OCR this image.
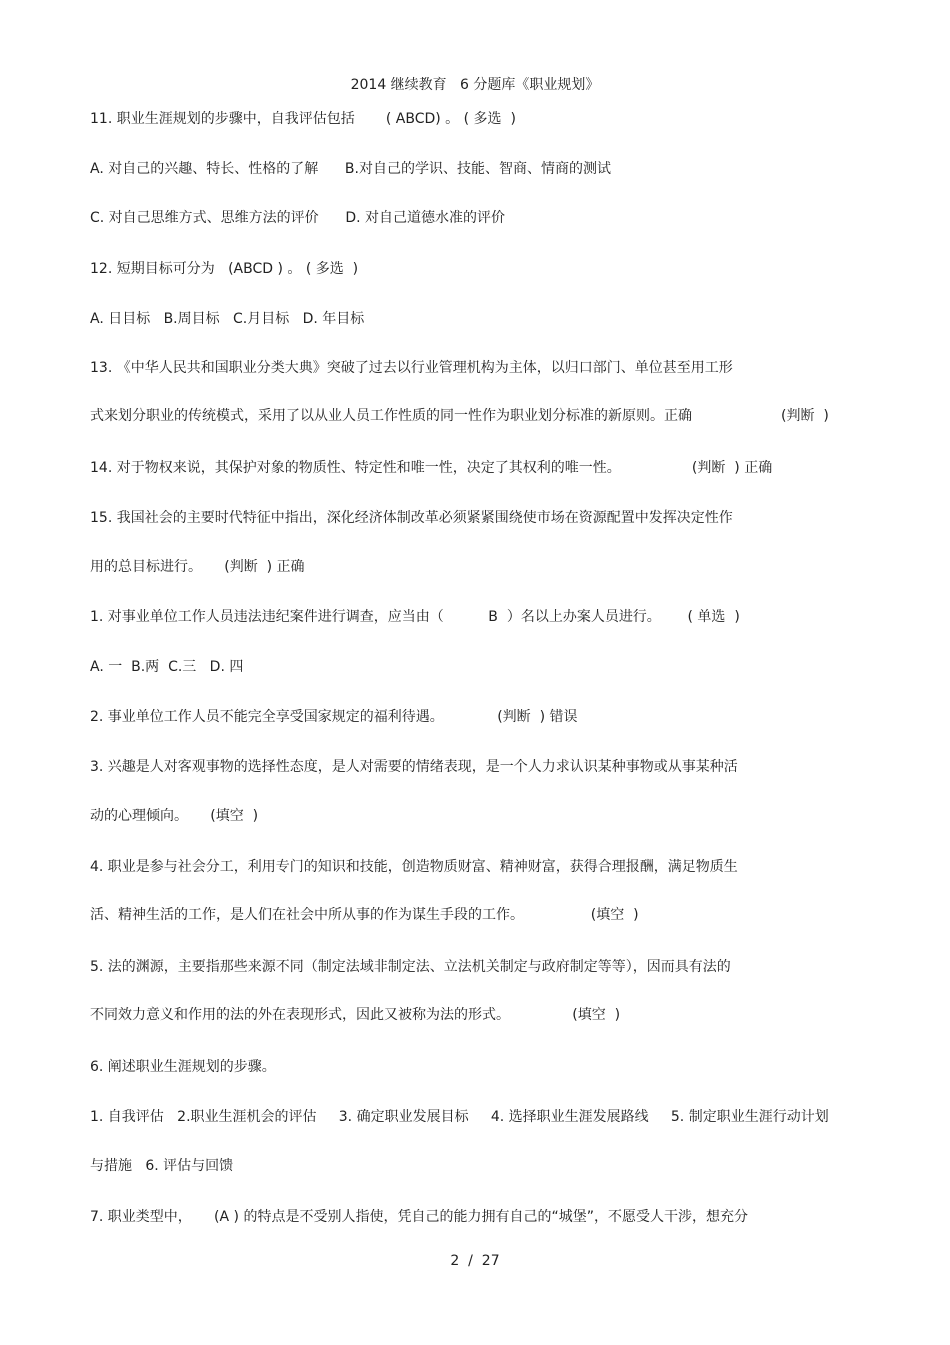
2014 继续教育   6 分题库《职业规划》
11. 职业生涯规划的步骤中，自我评估包括       ( ABCD) 。 ( 多选  )
A. 对自己的兴趣、特长、性格的了解      B.对自己的学识、技能、智商、情商的测试
C. 对自己思维方式、思维方法的评价      D. 对自己道德水准的评价
12. 短期目标可分为   (ABCD ) 。 ( 多选  )
A. 日目标   B.周目标   C.月目标   D. 年目标
13. 《中华人民共和国职业分类大典》突破了过去以行业管理机构为主体，以归口部门、单位甚至用工形
式来划分职业的传统模式，采用了以从业人员工作性质的同一性作为职业划分标准的新原则。正确                    (判断  )
14. 对于物权来说，其保护对象的物质性、特定性和唯一性，决定了其权利的唯一性。                (判断  ) 正确
15. 我国社会的主要时代特征中指出，深化经济体制改革必须紧紧围绕使市场在资源配置中发挥决定性作
用的总目标进行。     (判断  ) 正确
1. 对事业单位工作人员违法违纪案件进行调查，应当由（          B  ）名以上办案人员进行。      ( 单选  )
A. 一  B.两  C.三   D. 四
2. 事业单位工作人员不能完全享受国家规定的福利待遇。            (判断  ) 错误
3. 兴趣是人对客观事物的选择性态度，是人对需要的情绪表现，是一个人力求认识某种事物或从事某种活
动的心理倾向。     (填空  )
4. 职业是参与社会分工，利用专门的知识和技能，创造物质财富、精神财富，获得合理报酬，满足物质生
活、精神生活的工作，是人们在社会中所从事的作为谋生手段的工作。               (填空  )
5. 法的渊源，主要指那些来源不同（制定法域非制定法、立法机关制定与政府制定等等），因而具有法的
不同效力意义和作用的法的外在表现形式，因此又被称为法的形式。              (填空  )
6. 阐述职业生涯规划的步骤。
1. 自我评估   2.职业生涯机会的评估     3. 确定职业发展目标     4. 选择职业生涯发展路线     5. 制定职业生涯行动计划
与措施   6. 评估与回馈
7. 职业类型中，     (A ) 的特点是不受别人指使，凭自己的能力拥有自己的“城堡”，不愿受人干涉，想充分
2  /  27
